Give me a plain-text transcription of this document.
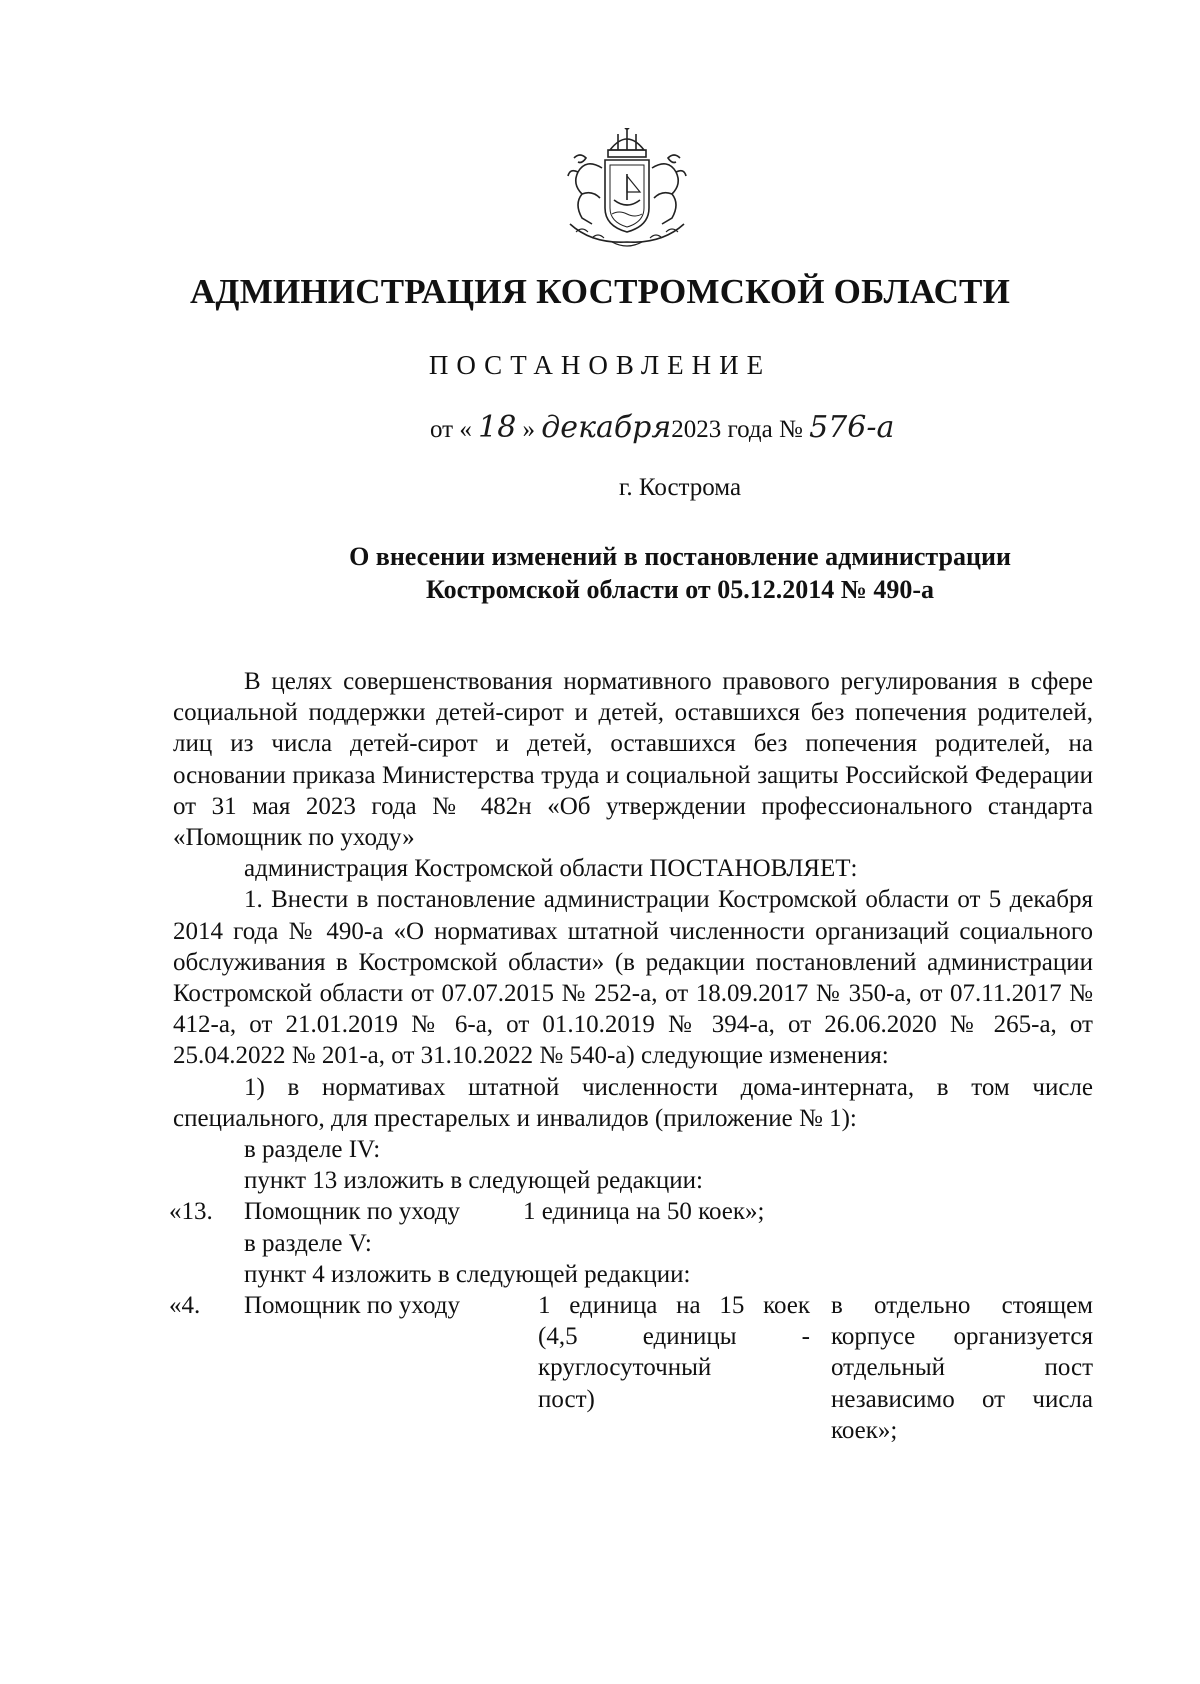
АДМИНИСТРАЦИЯ КОСТРОМСКОЙ ОБЛАСТИ
ПОСТАНОВЛЕНИЕ
от « 18 » декабря2023 года № 576-а
г. Кострома
О внесении изменений в постановление администрации
Костромской области от 05.12.2014 № 490-а

В целях совершенствования нормативного правового регулирования в сфере социальной поддержки детей-сирот и детей, оставшихся без попечения родителей, лиц из числа детей-сирот и детей, оставшихся без попечения родителей, на основании приказа Министерства труда и социальной защиты Российской Федерации от 31 мая 2023 года № 482н «Об утверждении профессионального стандарта «Помощник по уходу»

администрация Костромской области ПОСТАНОВЛЯЕТ:

1. Внести в постановление администрации Костромской области от 5 декабря 2014 года № 490-а «О нормативах штатной численности организаций социального обслуживания в Костромской области» (в редакции постановлений администрации Костромской области от 07.07.2015 № 252-а, от 18.09.2017 № 350-а, от 07.11.2017 № 412-а, от 21.01.2019 № 6-а, от 01.10.2019 № 394-а, от 26.06.2020 № 265-а, от 25.04.2022 № 201-а, от 31.10.2022 № 540-а) следующие изменения:

1) в нормативах штатной численности дома-интерната, в том числе специального, для престарелых и инвалидов (приложение № 1):

в разделе IV:

пункт 13 изложить в следующей редакции:

«13. Помощник по уходу	1 единица на 50 коек»;

в разделе V:

пункт 4 изложить в следующей редакции:

«4. Помощник по уходу	1 единица на 15 коек
(4,5 единицы -
круглосуточный
пост)
в отдельно стоящем
корпусе организуется
отдельный пост
независимо от числа
коек»;
